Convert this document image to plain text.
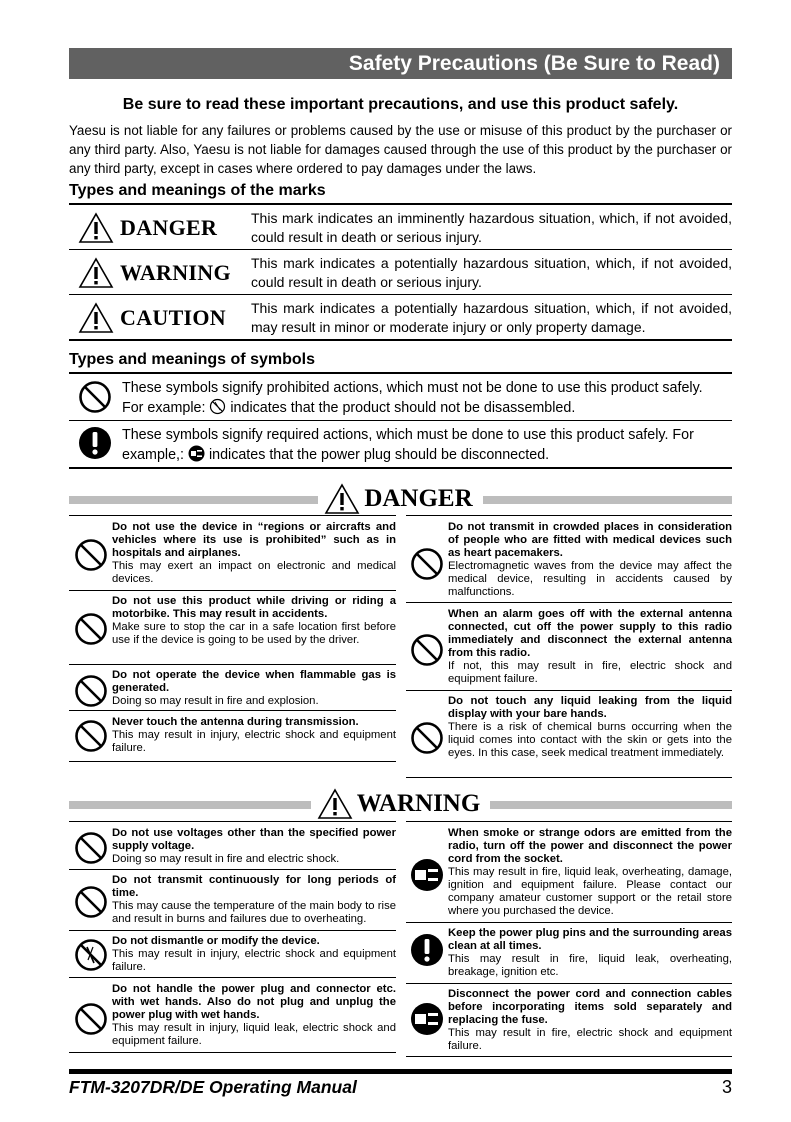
Safety Precautions (Be Sure to Read)
Be sure to read these important precautions, and use this product safely.
Yaesu is not liable for any failures or problems caused by the use or misuse of this product by the purchaser or any third party. Also, Yaesu is not liable for damages caused through the use of this product by the purchaser or any third party, except in cases where ordered to pay damages under the laws.
Types and meanings of the marks
DANGER This mark indicates an imminently hazardous situation, which, if not avoided, could result in death or serious injury.
WARNING This mark indicates a potentially hazardous situation, which, if not avoided, could result in death or serious injury.
CAUTION This mark indicates a potentially hazardous situation, which, if not avoided, may result in minor or moderate injury or only property damage.
Types and meanings of symbols
These symbols signify prohibited actions, which must not be done to use this product safely.
For example:  indicates that the product should not be disassembled.
These symbols signify required actions, which must be done to use this product safely. For
example,:  indicates that the power plug should be disconnected.
DANGER
Do not use the device in “regions or aircrafts and vehicles where its use is prohibited” such as in hospitals and airplanes.
This may exert an impact on electronic and medical devices.
Do not use this product while driving or riding a motorbike. This may result in accidents.
Make sure to stop the car in a safe location first before use if the device is going to be used by the driver.
Do not operate the device when flammable gas is generated.
Doing so may result in fire and explosion.
Never touch the antenna during transmission.
This may result in injury, electric shock and equipment failure.
Do not transmit in crowded places in consideration of people who are fitted with medical devices such as heart pacemakers.
Electromagnetic waves from the device may affect the medical device, resulting in accidents caused by malfunctions.
When an alarm goes off with the external antenna connected, cut off the power supply to this radio immediately and disconnect the external antenna from this radio.
If not, this may result in fire, electric shock and equipment failure.
Do not touch any liquid leaking from the liquid display with your bare hands.
There is a risk of chemical burns occurring when the liquid comes into contact with the skin or gets into the eyes. In this case, seek medical treatment immediately.
WARNING
Do not use voltages other than the specified power supply voltage.
Doing so may result in fire and electric shock.
Do not transmit continuously for long periods of time.
This may cause the temperature of the main body to rise and result in burns and failures due to overheating.
Do not dismantle or modify the device.
This may result in injury, electric shock and equipment failure.
Do not handle the power plug and connector etc. with wet hands. Also do not plug and unplug the power plug with wet hands.
This may result in injury, liquid leak, electric shock and equipment failure.
When smoke or strange odors are emitted from the radio, turn off the power and disconnect the power cord from the socket.
This may result in fire, liquid leak, overheating, damage, ignition and equipment failure. Please contact our company amateur customer support or the retail store where you purchased the device.
Keep the power plug pins and the surrounding areas clean at all times.
This may result in fire, liquid leak, overheating, breakage, ignition etc.
Disconnect the power cord and connection cables before incorporating items sold separately and replacing the fuse.
This may result in fire, electric shock and equipment failure.
FTM-3207DR/DE Operating Manual	3
